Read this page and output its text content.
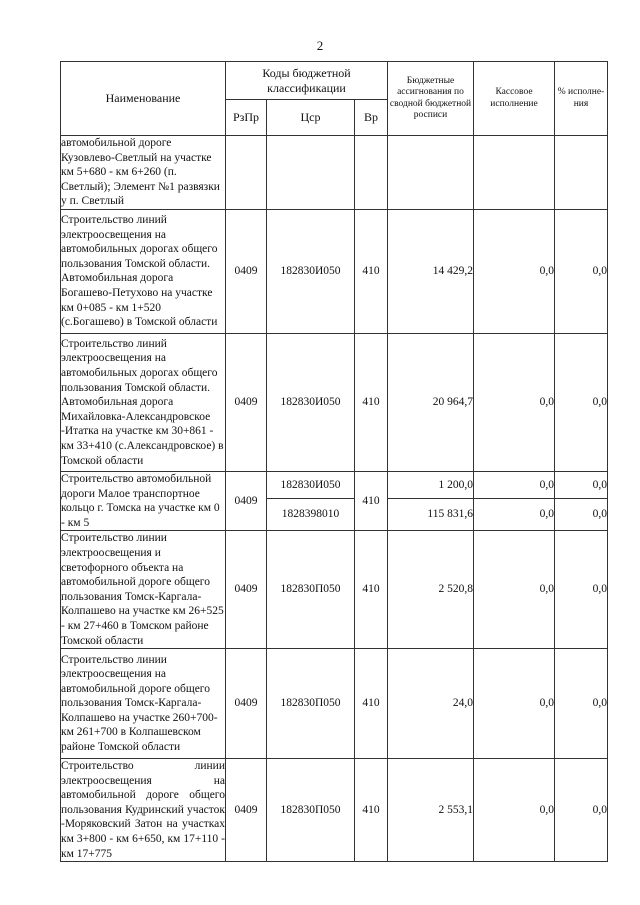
2
Наименование	Коды бюджетной классификации			Бюджетные ассигнования по сводной бюджетной росписи	Кассовое исполнение	% исполне-ния
	РзПр	Цср	Вр			
автомобильной дороге Кузовлево-Светлый на участке км 5+680 - км 6+260 (п. Светлый); Элемент №1 развязки у п. Светлый						
Строительство линий электроосвещения на автомобильных дорогах общего пользования Томской области. Автомобильная дорога Богашево-Петухово на участке км 0+085 - км 1+520 (с.Богашево) в Томской области	0409	182830И050	410	14 429,2	0,0	0,0
Строительство линий электроосвещения на автомобильных дорогах общего пользования Томской области. Автомобильная дорога Михайловка-Александровское -Итатка на участке км 30+861 - км 33+410 (с.Александровское) в Томской области	0409	182830И050	410	20 964,7	0,0	0,0
Строительство автомобильной дороги Малое транспортное кольцо г. Томска на участке км 0 - км 5	0409	182830И050	410	1 200,0	0,0	0,0
		1828398010		115 831,6	0,0	0,0
Строительство линии электроосвещения и светофорного объекта на автомобильной дороге общего пользования Томск-Каргала-Колпашево на участке км 26+525 - км 27+460 в Томском районе Томской области	0409	182830П050	410	2 520,8	0,0	0,0
Строительство линии электроосвещения на автомобильной дороге общего пользования Томск-Каргала-Колпашево на участке 260+700- км 261+700 в Колпашевском районе Томской области	0409	182830П050	410	24,0	0,0	0,0
Строительство линии электроосвещения на автомобильной дороге общего пользования Кудринский участок -Моряковский Затон на участках км 3+800 - км 6+650, км 17+110 - км 17+775	0409	182830П050	410	2 553,1	0,0	0,0
